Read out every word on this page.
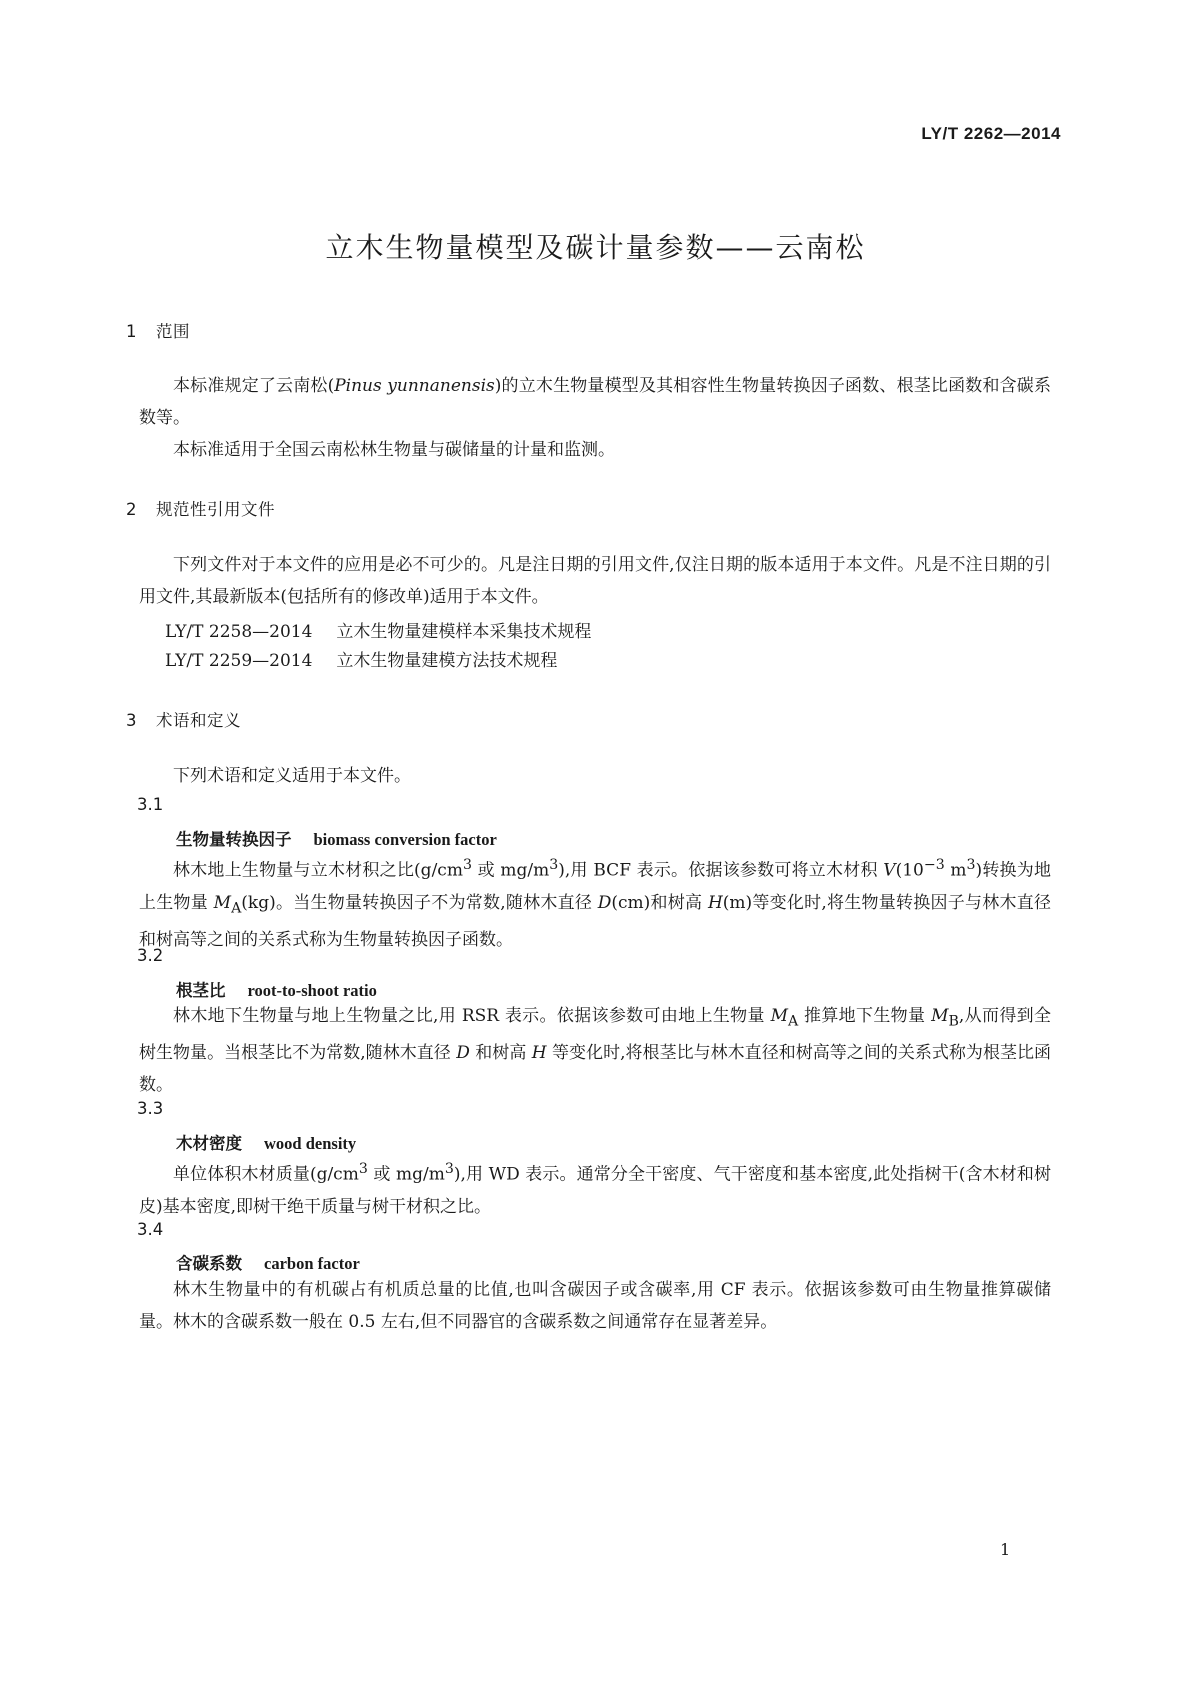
LY/T 2262—2014
立木生物量模型及碳计量参数——云南松
1 范围
本标准规定了云南松(Pinus yunnanensis)的立木生物量模型及其相容性生物量转换因子函数、根茎比函数和含碳系数等。
本标准适用于全国云南松林生物量与碳储量的计量和监测。
2 规范性引用文件
下列文件对于本文件的应用是必不可少的。凡是注日期的引用文件,仅注日期的版本适用于本文件。凡是不注日期的引用文件,其最新版本(包括所有的修改单)适用于本文件。
LY/T 2258—2014 立木生物量建模样本采集技术规程
LY/T 2259—2014 立木生物量建模方法技术规程
3 术语和定义
下列术语和定义适用于本文件。
3.1
生物量转换因子 biomass conversion factor
林木地上生物量与立木材积之比($g/cm^3$ 或 $mg/m^3$),用 BCF 表示。依据该参数可将立木材积 $V(10^{-3}$ $m^3$)转换为地上生物量 $M_A(kg)$。当生物量转换因子不为常数,随林木直径 D(cm)和树高 H(m)等变化时,将生物量转换因子与林木直径和树高等之间的关系式称为生物量转换因子函数。
3.2
根茎比 root-to-shoot ratio
林木地下生物量与地上生物量之比,用 RSR 表示。依据该参数可由地上生物量 $M_A$ 推算地下生物量 $M_B$,从而得到全树生物量。当根茎比不为常数,随林木直径 D 和树高 H 等变化时,将根茎比与林木直径和树高等之间的关系式称为根茎比函数。
3.3
木材密度 wood density
单位体积木材质量($g/cm^3$ 或 $mg/m^3$),用 WD 表示。通常分全干密度、气干密度和基本密度,此处指树干(含木材和树皮)基本密度,即树干绝干质量与树干材积之比。
3.4
含碳系数 carbon factor
林木生物量中的有机碳占有机质总量的比值,也叫含碳因子或含碳率,用 CF 表示。依据该参数可由生物量推算碳储量。林木的含碳系数一般在 0.5 左右,但不同器官的含碳系数之间通常存在显著差异。
1
